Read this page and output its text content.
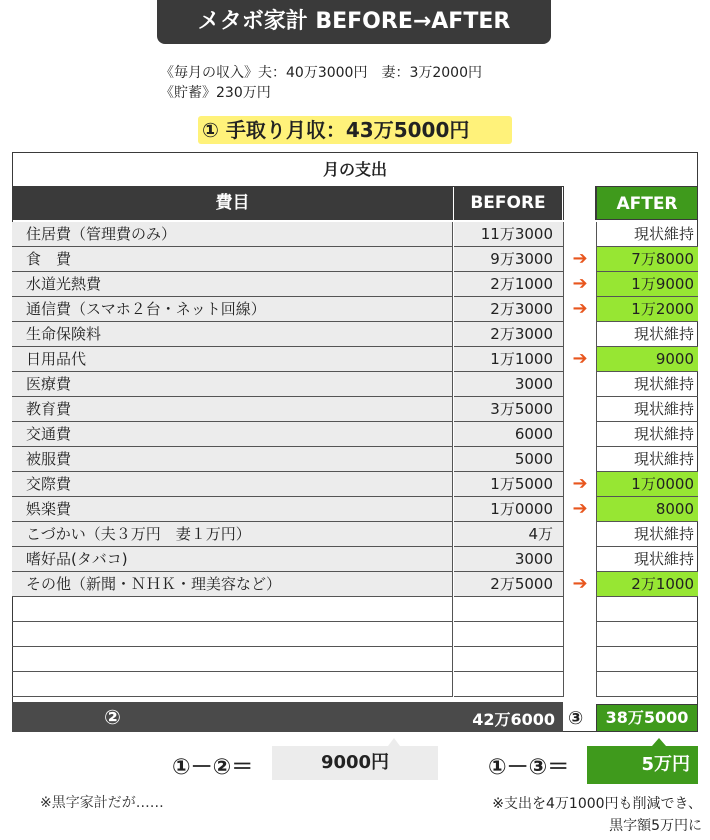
メタボ家計 BEFORE→AFTER
《毎月の収入》夫：40万3000円　妻：3万2000円
《貯蓄》230万円
① 手取り月収：43万5000円
月の支出
費目	BEFORE	AFTER
住居費（管理費のみ）	11万3000	現状維持
食　費	9万3000	➔	7万8000
水道光熱費	2万1000	➔	1万9000
通信費（スマホ２台・ネット回線）	2万3000	➔	1万2000
生命保険料	2万3000	現状維持
日用品代	1万1000	➔	9000
医療費	3000	現状維持
教育費	3万5000	現状維持
交通費	6000	現状維持
被服費	5000	現状維持
交際費	1万5000	➔	1万0000
娯楽費	1万0000	➔	8000
こづかい（夫３万円　妻１万円）	4万	現状維持
嗜好品(タバコ)	3000	現状維持
その他（新聞・ＮＨＫ・理美容など）	2万5000	➔	2万1000
②	42万6000 ③	38万5000
①－②＝	9000円	①－③＝	5万円
※黒字家計だが……	※支出を4万1000円も削減でき、
黒字額5万円に
